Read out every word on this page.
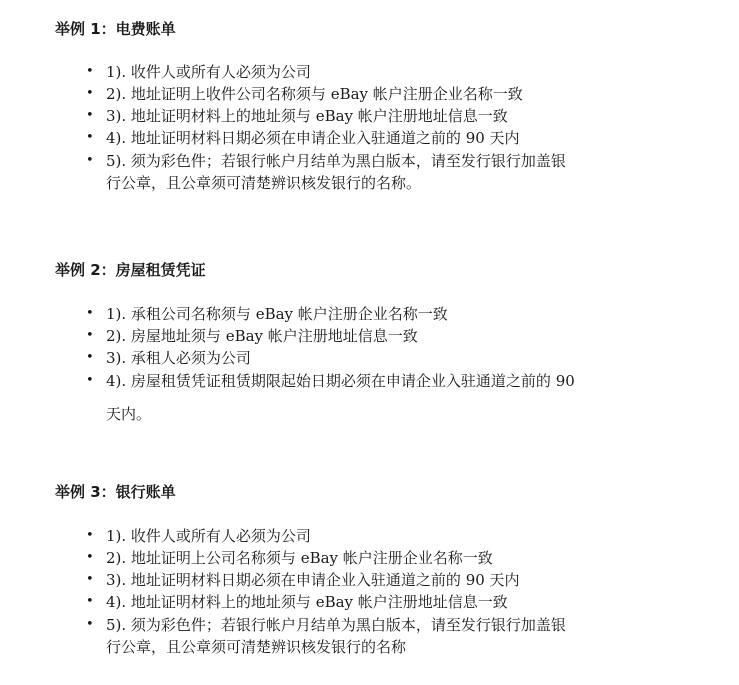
举例 1：电费账单
• 1). 收件人或所有人必须为公司
• 2). 地址证明上收件公司名称须与 eBay 帐户注册企业名称一致
• 3). 地址证明材料上的地址须与 eBay 帐户注册地址信息一致
• 4). 地址证明材料日期必须在申请企业入驻通道之前的 90 天内
• 5). 须为彩色件；若银行帐户月结单为黑白版本，请至发行银行加盖银
行公章，且公章须可清楚辨识核发银行的名称。
举例 2：房屋租赁凭证
• 1). 承租公司名称须与 eBay 帐户注册企业名称一致
• 2). 房屋地址须与 eBay 帐户注册地址信息一致
• 3). 承租人必须为公司
• 4). 房屋租赁凭证租赁期限起始日期必须在申请企业入驻通道之前的 90
天内。
举例 3：银行账单
• 1). 收件人或所有人必须为公司
• 2). 地址证明上公司名称须与 eBay 帐户注册企业名称一致
• 3). 地址证明材料日期必须在申请企业入驻通道之前的 90 天内
• 4). 地址证明材料上的地址须与 eBay 帐户注册地址信息一致
• 5). 须为彩色件；若银行帐户月结单为黑白版本，请至发行银行加盖银
行公章，且公章须可清楚辨识核发银行的名称
